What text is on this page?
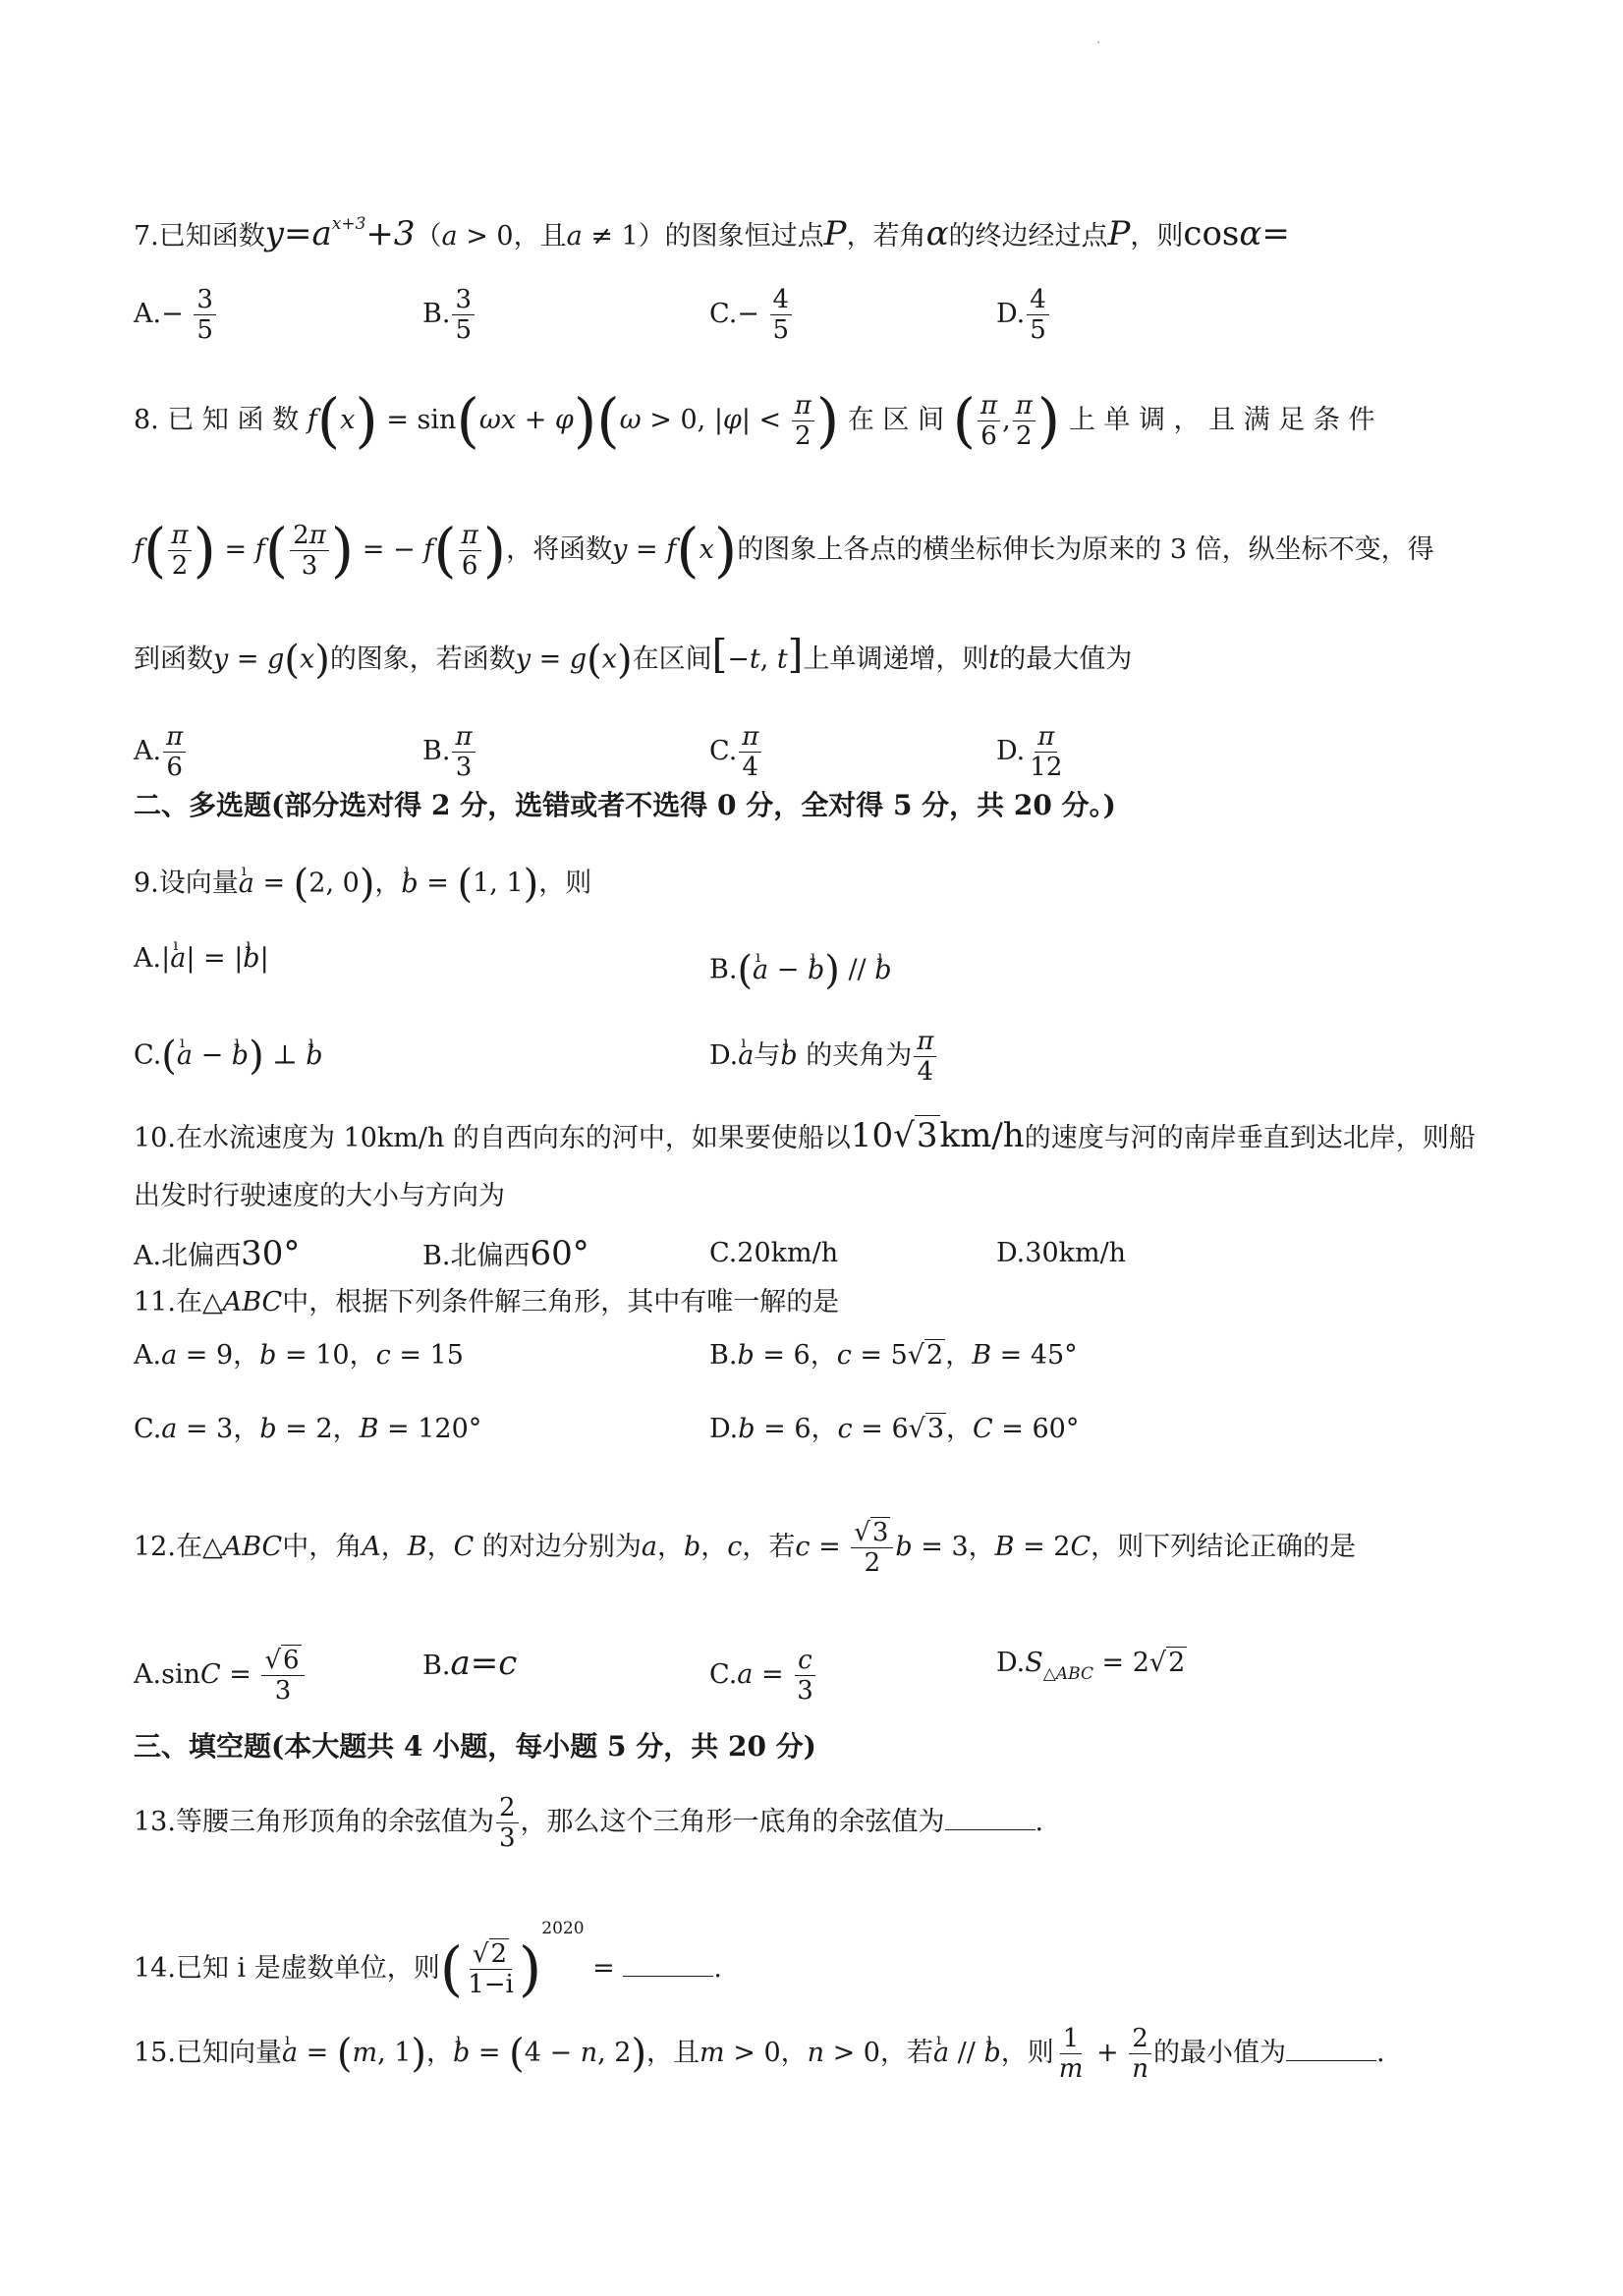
·
7.已知函数$y=a^{x+3}+3(a > 0$，且a ≠ 1）的图象恒过点P，若角α的终边经过点P，则cosα=
$A.- \frac{3}{5}$	B. $\frac{3}{5}$	$C.- \frac{4}{5}$	D. $\frac{4}{5}$
8. 已 知 函 数 f(x) = sin(ωx + φ)(ω > 0, $|\varphi| < \frac{\pi}{2}$ ) 在 区 间 ( $\frac{\pi}{6}$ , $\frac{\pi}{2}$ ) 上 单 调 ， 且 满 足 条 件
$f( \frac{\pi}{2}$ ) = $f( \frac{2\pi}{3}$ ) = − $f( \frac{\pi}{6}$ )，将函数y = f(x)的图象上各点的横坐标伸长为原来的 3 倍，纵坐标不变，得
到函数y = g(x)的图象，若函数y = g(x)在区间[−t, t]上单调递增，则t的最大值为
A. $\frac{\pi}{6}$	B. $\frac{\pi}{3}$	C. $\frac{\pi}{4}$	D. $\frac{\pi}{12}$
二、多选题(部分选对得 2 分，选错或者不选得 0 分，全对得 5 分，共 20 分。)
9.设向量ı a = (2, 0)，ı b = (1, 1)，则
A.|ı a| = |ı b|	B.(ı a − ı b) // ı b
C.(ı a − ı b) ⊥ ı b	D.ı a与ı b 的夹角为 $\frac{\pi}{4}$
10.在水流速度为 10km/h 的自西向东的河中，如果要使船以10√3km/h的速度与河的南岸垂直到达北岸，则船
出发时行驶速度的大小与方向为
A.北偏西30°	B.北偏西60°	C.20km/h	D.30km/h
11.在△ABC中，根据下列条件解三角形，其中有唯一解的是
A.a = 9，b = 10，c = 15	B.b = 6，c = 5√2，B = 45°
C.a = 3，b = 2，B = 120°	D.b = 6，c = 6√3，C = 60°
12.在△ABC中，角A，B，C 的对边分别为a，b，c，若$c = \frac{√3}{2}$ b = 3，B = 2C，则下列结论正确的是
$A.\sin C = \frac{√6}{3}$	B.a=c	$C.a = \frac{c}{3}$	$D.S_{\triangle ABC} = 2√2$
三、填空题(本大题共 4 小题，每小题 5 分，共 20 分)
13.等腰三角形顶角的余弦值为 $\frac{2}{3}$ ，那么这个三角形一底角的余弦值为	.
14.已知 i 是虚数单位，则( $\frac{√2}{1-i} )^{2020}$ =	.
15.已知向量ı a = (m, 1)，ı b = (4 − n, 2)，且m > 0，n > 0，若ı a // ı b，则 $\frac{1}{m} + \frac{2}{n}$ 的最小值为	.
